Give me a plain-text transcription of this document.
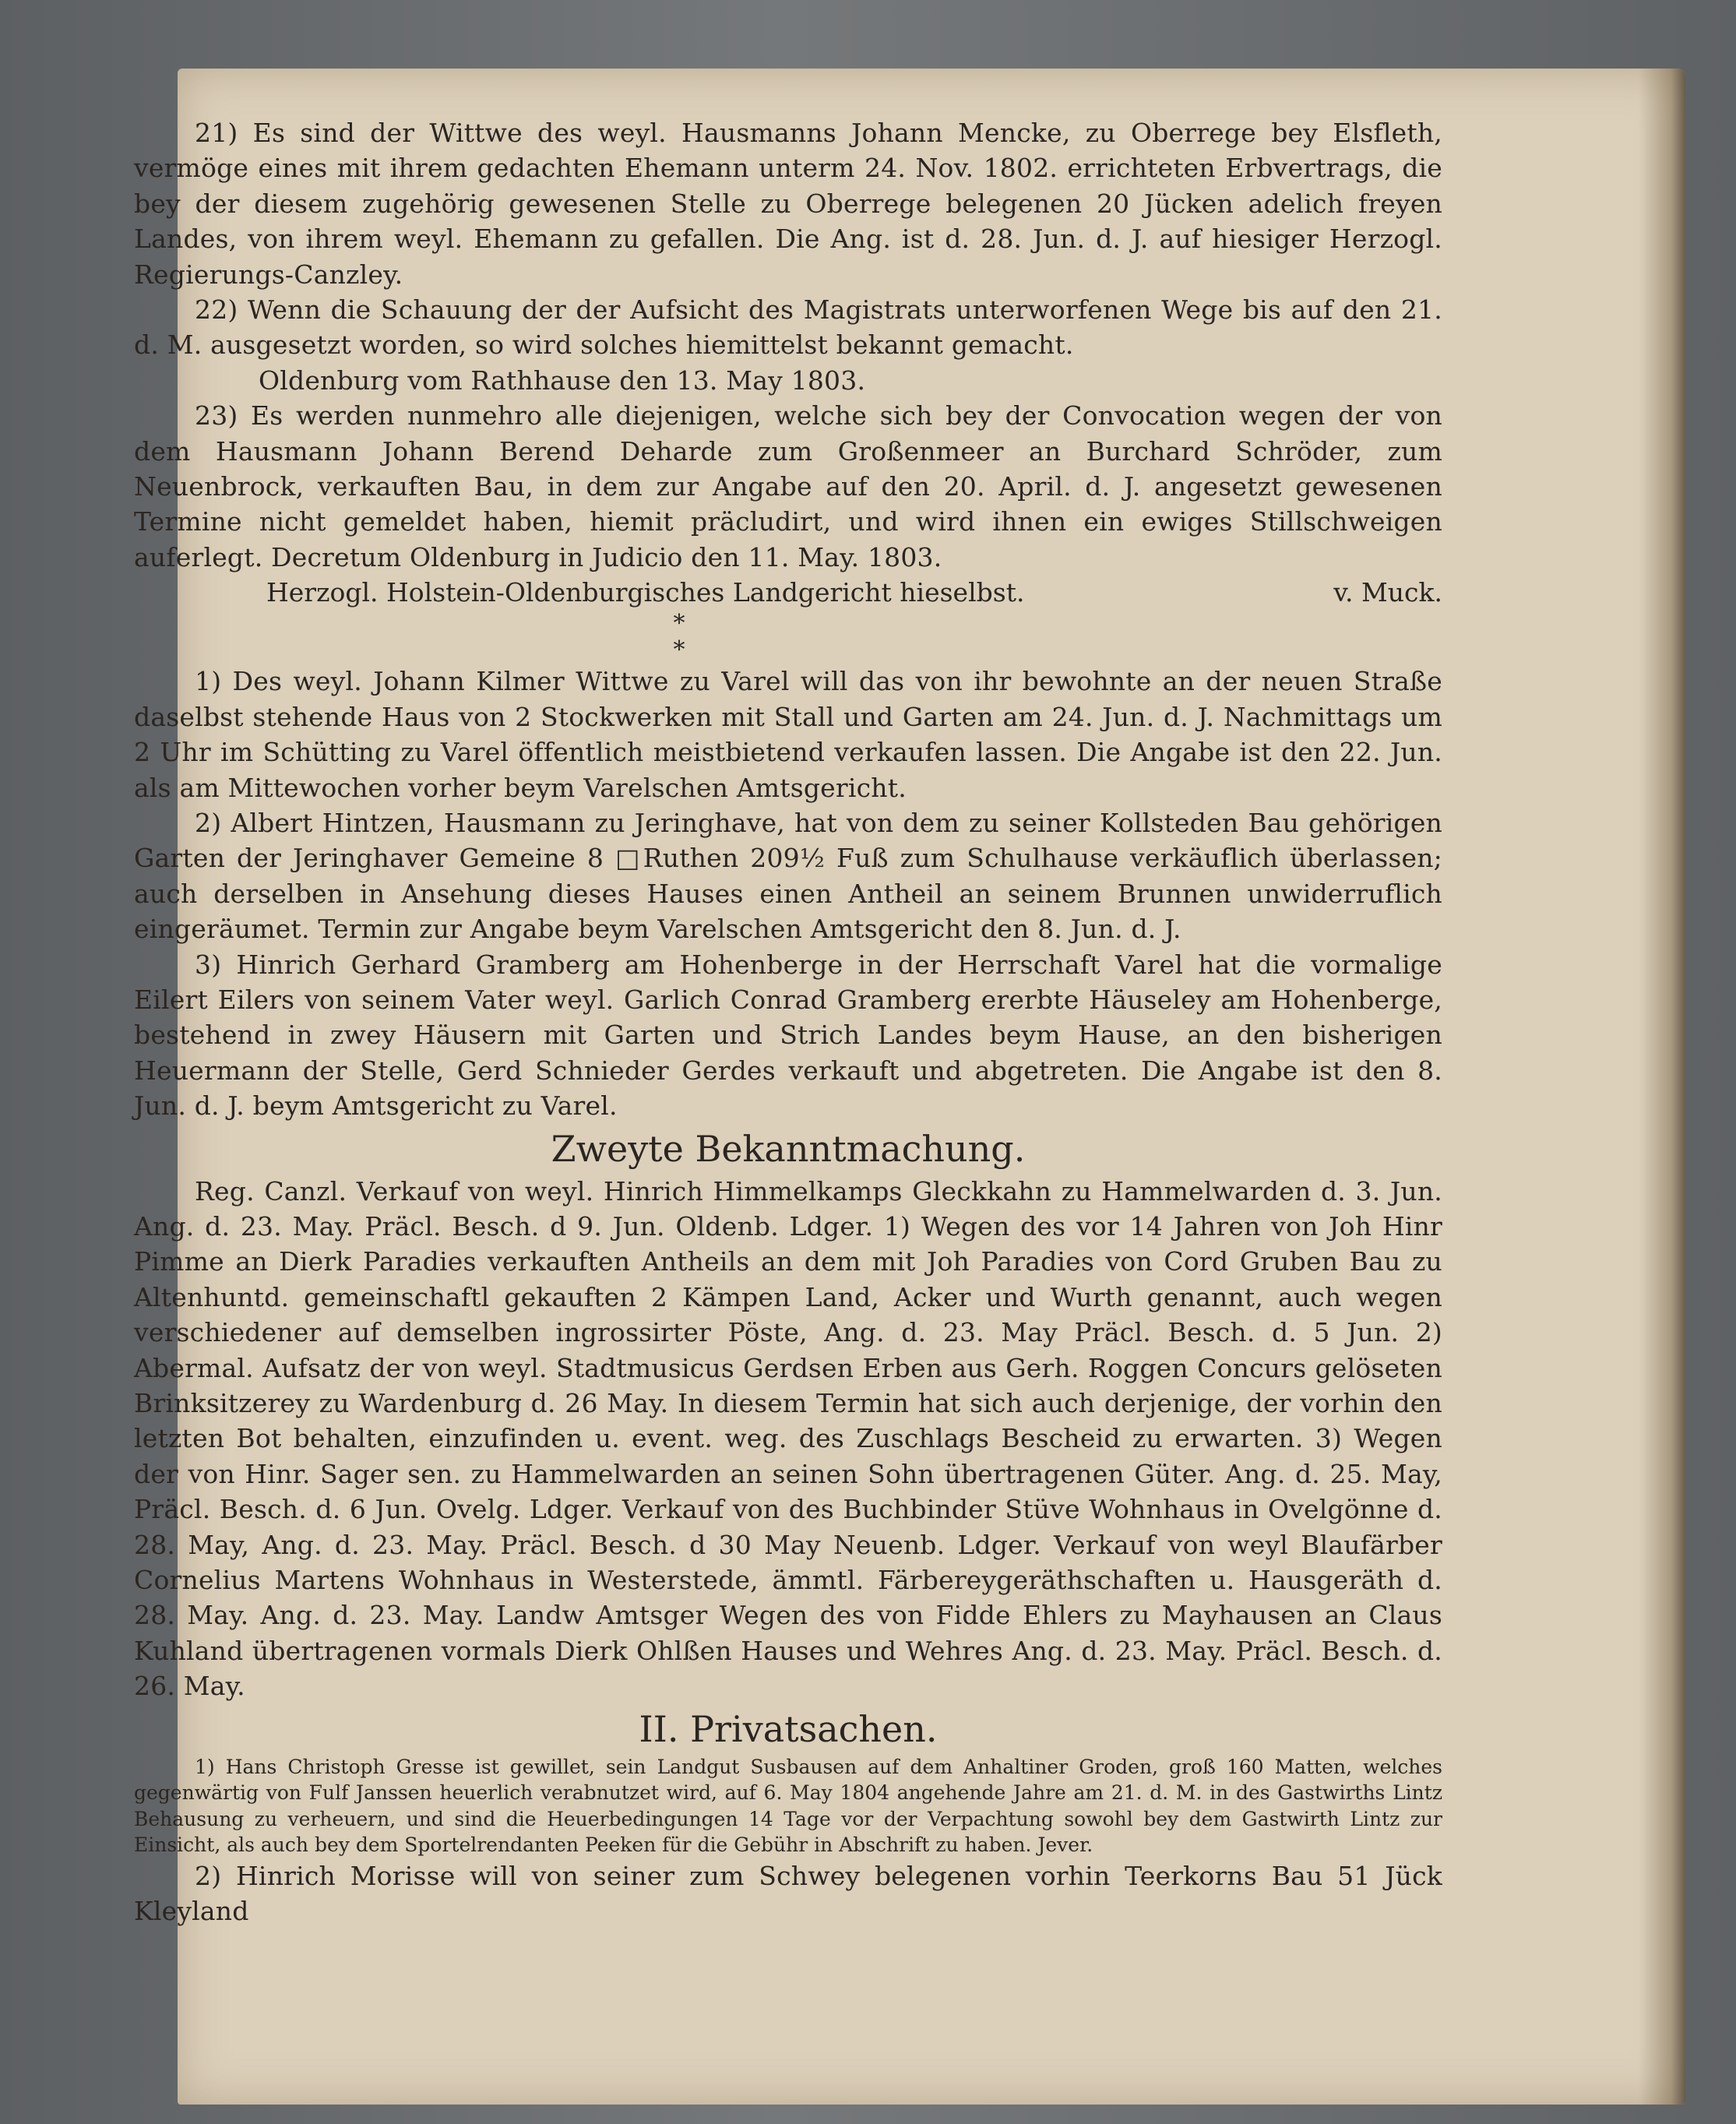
21) Es sind der Wittwe des weyl. Hausmanns Johann Mencke, zu Oberrege bey Elsfleth, vermöge eines mit ihrem gedachten Ehemann unterm 24. Nov. 1802. errichteten Erbvertrags, die bey der diesem zugehörig gewesenen Stelle zu Oberrege belegenen 20 Jücken adelich freyen Landes, von ihrem weyl. Ehemann zu gefallen. Die Ang. ist d. 28. Jun. d. J. auf hiesiger Herzogl. Regierungs-Canzley.

22) Wenn die Schauung der der Aufsicht des Magistrats unterworfenen Wege bis auf den 21. d. M. ausgesetzt worden, so wird solches hiemittelst bekannt gemacht.

Oldenburg vom Rathhause den 13. May 1803.

23) Es werden nunmehro alle diejenigen, welche sich bey der Convocation wegen der von dem Hausmann Johann Berend Deharde zum Großenmeer an Burchard Schröder, zum Neuenbrock, verkauften Bau, in dem zur Angabe auf den 20. April. d. J. angesetzt gewesenen Termine nicht gemeldet haben, hiemit präcludirt, und wird ihnen ein ewiges Stillschweigen auferlegt. Decretum Oldenburg in Judicio den 11. May. 1803.

Herzogl. Holstein-Oldenburgisches Landgericht hieselbst.	v. Muck.
* *

1) Des weyl. Johann Kilmer Wittwe zu Varel will das von ihr bewohnte an der neuen Straße daselbst stehende Haus von 2 Stockwerken mit Stall und Garten am 24. Jun. d. J. Nachmittags um 2 Uhr im Schütting zu Varel öffentlich meistbietend verkaufen lassen. Die Angabe ist den 22. Jun. als am Mittewochen vorher beym Varelschen Amtsgericht.

2) Albert Hintzen, Hausmann zu Jeringhave, hat von dem zu seiner Kollsteden Bau gehörigen Garten der Jeringhaver Gemeine 8 □Ruthen 209½ Fuß zum Schulhause verkäuflich überlassen; auch derselben in Ansehung dieses Hauses einen Antheil an seinem Brunnen unwiderruflich eingeräumet. Termin zur Angabe beym Varelschen Amtsgericht den 8. Jun. d. J.

3) Hinrich Gerhard Gramberg am Hohenberge in der Herrschaft Varel hat die vormalige Eilert Eilers von seinem Vater weyl. Garlich Conrad Gramberg ererbte Häuseley am Hohenberge, bestehend in zwey Häusern mit Garten und Strich Landes beym Hause, an den bisherigen Heuermann der Stelle, Gerd Schnieder Gerdes verkauft und abgetreten. Die Angabe ist den 8. Jun. d. J. beym Amtsgericht zu Varel.

Zweyte Bekanntmachung.

Reg. Canzl. Verkauf von weyl. Hinrich Himmelkamps Gleckkahn zu Hammelwarden d. 3. Jun. Ang. d. 23. May. Präcl. Besch. d 9. Jun. Oldenb. Ldger. 1) Wegen des vor 14 Jahren von Joh Hinr Pimme an Dierk Paradies verkauften Antheils an dem mit Joh Paradies von Cord Gruben Bau zu Altenhuntd. gemeinschaftl gekauften 2 Kämpen Land, Acker und Wurth genannt, auch wegen verschiedener auf demselben ingrossirter Pöste, Ang. d. 23. May Präcl. Besch. d. 5 Jun. 2) Abermal. Aufsatz der von weyl. Stadtmusicus Gerdsen Erben aus Gerh. Roggen Concurs gelöseten Brinksitzerey zu Wardenburg d. 26 May. In diesem Termin hat sich auch derjenige, der vorhin den letzten Bot behalten, einzufinden u. event. weg. des Zuschlags Bescheid zu erwarten. 3) Wegen der von Hinr. Sager sen. zu Hammelwarden an seinen Sohn übertragenen Güter. Ang. d. 25. May, Präcl. Besch. d. 6 Jun. Ovelg. Ldger. Verkauf von des Buchbinder Stüve Wohnhaus in Ovelgönne d. 28. May, Ang. d. 23. May. Präcl. Besch. d 30 May Neuenb. Ldger. Verkauf von weyl Blaufärber Cornelius Martens Wohnhaus in Westerstede, ämmtl. Färbereygeräthschaften u. Hausgeräth d. 28. May. Ang. d. 23. May. Landw Amtsger Wegen des von Fidde Ehlers zu Mayhausen an Claus Kuhland übertragenen vormals Dierk Ohlßen Hauses und Wehres Ang. d. 23. May. Präcl. Besch. d. 26. May.

II. Privatsachen.

1) Hans Christoph Gresse ist gewillet, sein Landgut Susbausen auf dem Anhaltiner Groden, groß 160 Matten, welches gegenwärtig von Fulf Janssen heuerlich verabnutzet wird, auf 6. May 1804 angehende Jahre am 21. d. M. in des Gastwirths Lintz Behausung zu verheuern, und sind die Heuerbedingungen 14 Tage vor der Verpachtung sowohl bey dem Gastwirth Lintz zur Einsicht, als auch bey dem Sportelrendanten Peeken für die Gebühr in Abschrift zu haben. Jever.

2) Hinrich Morisse will von seiner zum Schwey belegenen vorhin Teerkorns Bau 51 Jück Kleyland
